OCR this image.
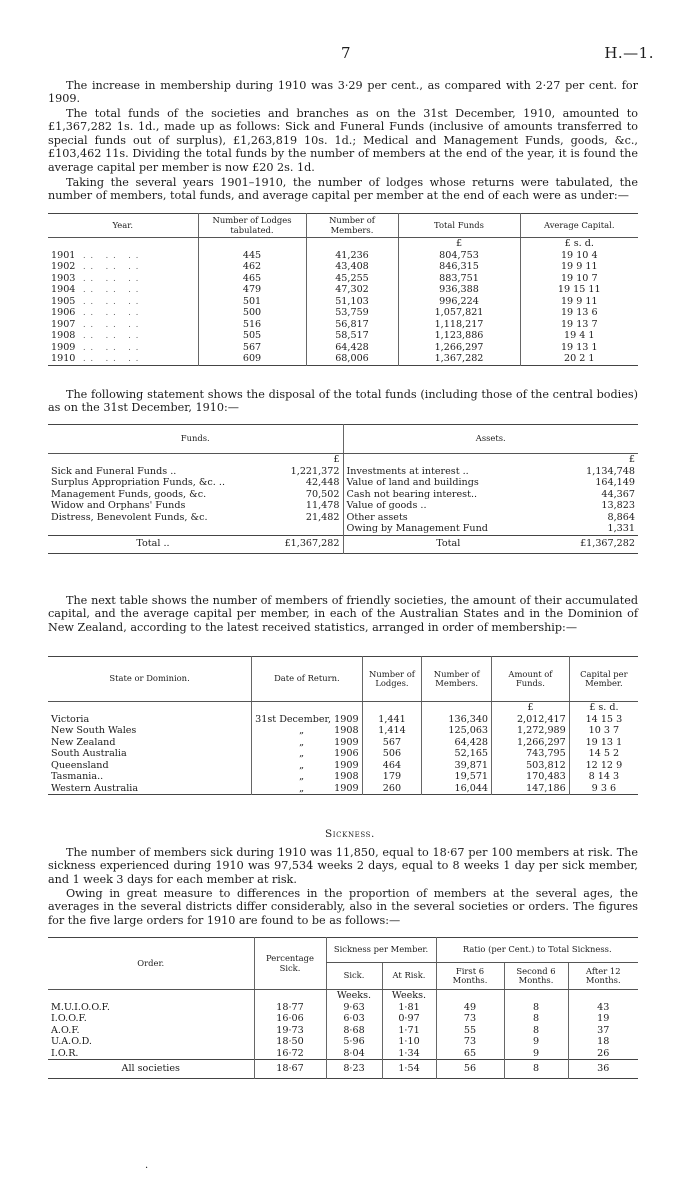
7	H.—1.

The increase in membership during 1910 was 3·29 per cent., as compared with 2·27 per cent. for 1909.

The total funds of the societies and branches as on the 31st December, 1910, amounted to £1,367,282 1s. 1d., made up as follows: Sick and Funeral Funds (inclusive of amounts transferred to special funds out of surplus), £1,263,819 10s. 1d.; Medical and Management Funds, goods, &c., £103,462 11s. Dividing the total funds by the number of members at the end of the year, it is found the average capital per member is now £20 2s. 1d.

Taking the several years 1901–1910, the number of lodges whose returns were tabulated, the number of members, total funds, and average capital per member at the end of each were as under:—

Year.	Number of Lodges tabulated.	Number of Members.	Total Funds	Average Capital.
			£	£ s. d.
1901 .. .. ..	445	41,236	804,753	19 10 4
1902 .. .. ..	462	43,408	846,315	19 9 11
1903 .. .. ..	465	45,255	883,751	19 10 7
1904 .. .. ..	479	47,302	936,388	19 15 11
1905 .. .. ..	501	51,103	996,224	19 9 11
1906 .. .. ..	500	53,759	1,057,821	19 13 6
1907 .. .. ..	516	56,817	1,118,217	19 13 7
1908 .. .. ..	505	58,517	1,123,886	19 4 1
1909 .. .. ..	567	64,428	1,266,297	19 13 1
1910 .. .. ..	609	68,006	1,367,282	20 2 1

The following statement shows the disposal of the total funds (including those of the central bodies) as on the 31st December, 1910:—

Funds.		Assets.	
	£		£
Sick and Funeral Funds ..	1,221,372	Investments at interest ..	1,134,748
Surplus Appropriation Funds, &c. ..	42,448	Value of land and buildings	164,149
Management Funds, goods, &c.	70,502	Cash not bearing interest..	44,367
Widow and Orphans' Funds	11,478	Value of goods ..	13,823
Distress, Benevolent Funds, &c.	21,482	Other assets	8,864
		Owing by Management Fund	1,331
Total ..	£1,367,282	Total	£1,367,282

The next table shows the number of members of friendly societies, the amount of their accumulated capital, and the average capital per member, in each of the Australian States and in the Dominion of New Zealand, according to the latest received statistics, arranged in order of membership:—

State or Dominion.	Date of Return.	Number of Lodges.	Number of Members.	Amount of Funds.	Capital per Member.
				£	£ s. d.
Victoria	31st December, 1909	1,441	136,340	2,012,417	14 15 3
New South Wales	„ 1908	1,414	125,063	1,272,989	10 3 7
New Zealand	„ 1909	567	64,428	1,266,297	19 13 1
South Australia	„ 1906	506	52,165	743,795	14 5 2
Queensland	„ 1909	464	39,871	503,812	12 12 9
Tasmania..	„ 1908	179	19,571	170,483	8 14 3
Western Australia	„ 1909	260	16,044	147,186	9 3 6
Sickness.

The number of members sick during 1910 was 11,850, equal to 18·67 per 100 members at risk. The sickness experienced during 1910 was 97,534 weeks 2 days, equal to 8 weeks 1 day per sick member, and 1 week 3 days for each member at risk.

Owing in great measure to differences in the proportion of members at the several ages, the averages in the several districts differ considerably, also in the several societies or orders. The figures for the five large orders for 1910 are found to be as follows:—

Order.	Percentage Sick.	Sickness per Member.		Ratio (per Cent.) to Total Sickness.		
		Sick.	At Risk.	First 6 Months.	Second 6 Months.	After 12 Months.
		Weeks.	Weeks.			
M.U.I.O.O.F.	18·77	9·63	1·81	49	8	43
I.O.O.F.	16·06	6·03	0·97	73	8	19
A.O.F.	19·73	8·68	1·71	55	8	37
U.A.O.D.	18·50	5·96	1·10	73	9	18
I.O.R.	16·72	8·04	1·34	65	9	26
All societies	18·67	8·23	1·54	56	8	36
·
